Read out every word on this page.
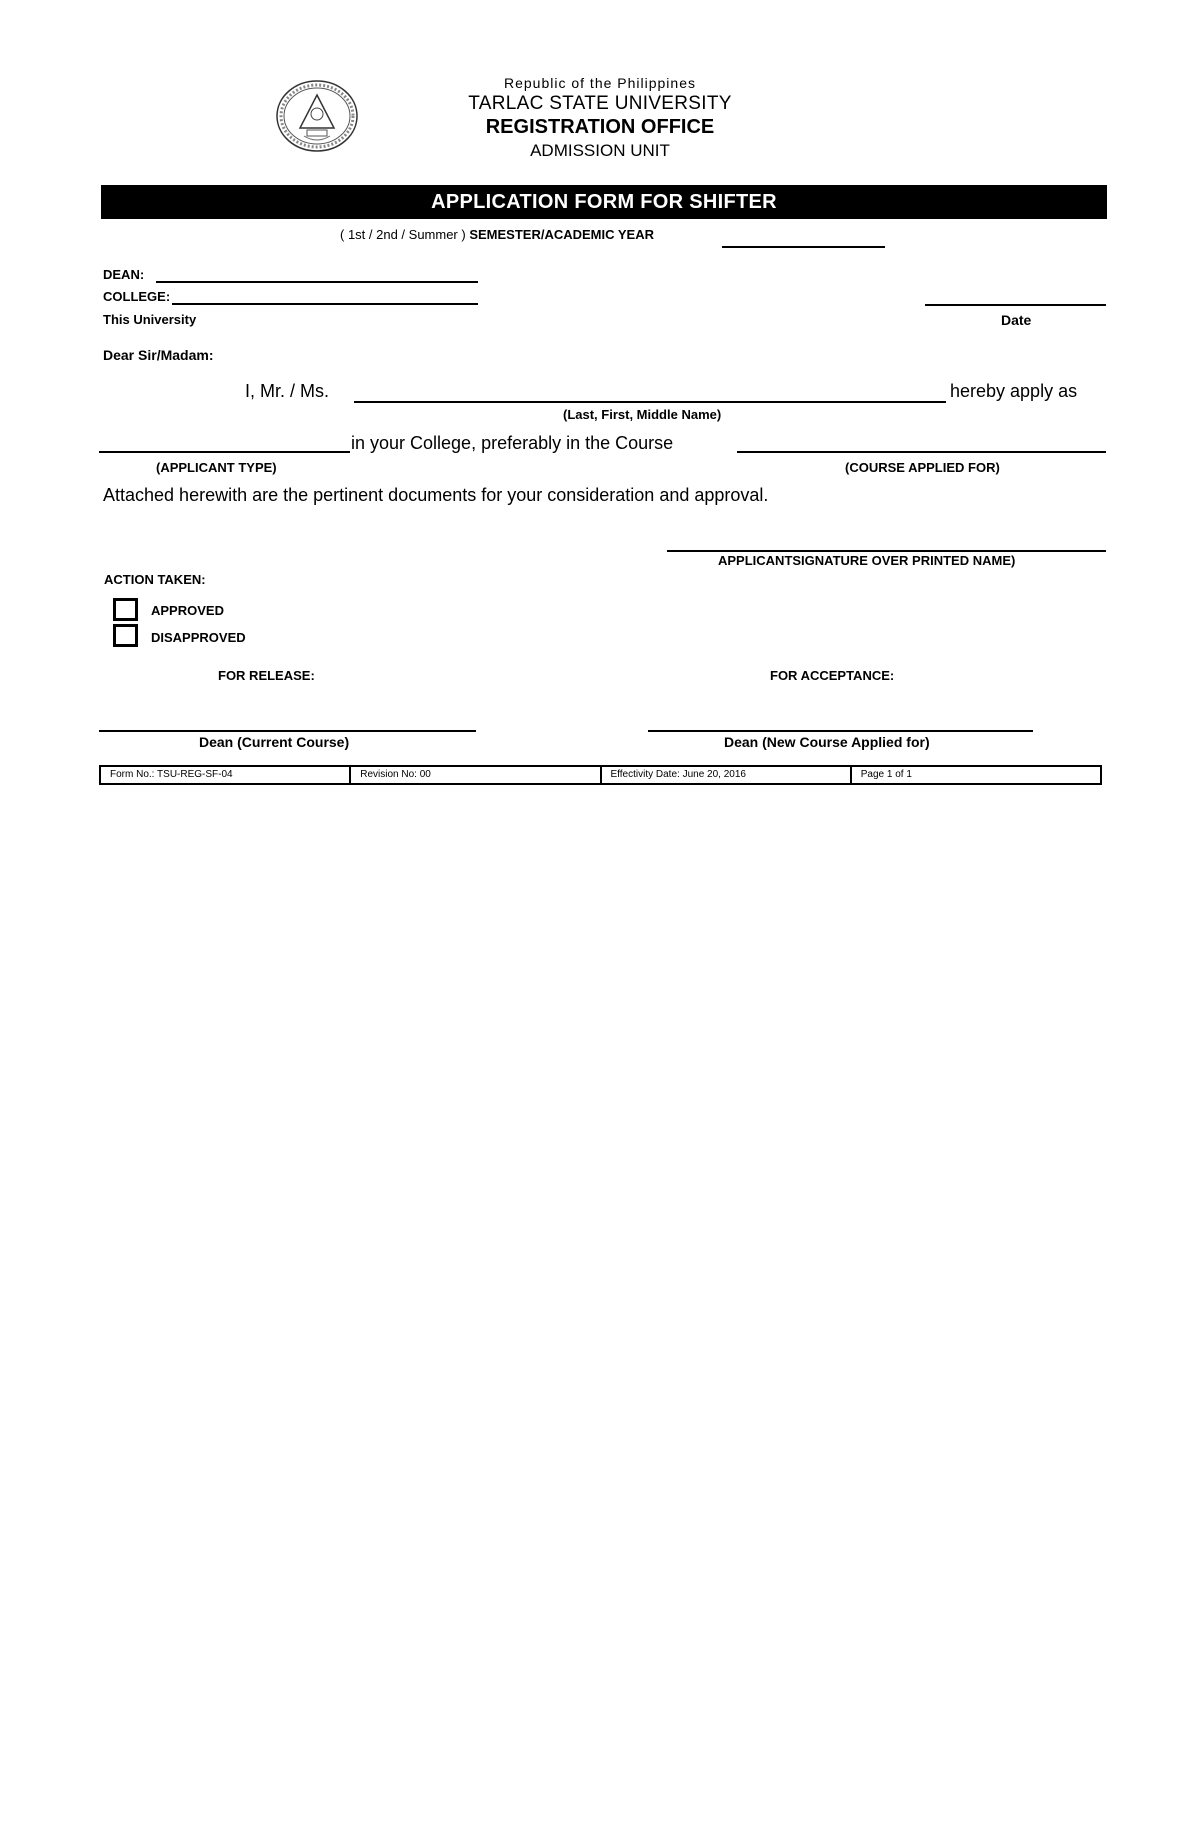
Republic of the Philippines
TARLAC STATE UNIVERSITY
REGISTRATION OFFICE
ADMISSION UNIT
APPLICATION FORM FOR SHIFTER
( 1st / 2nd / Summer ) SEMESTER/ACADEMIC YEAR
DEAN:
COLLEGE:
This University	Date
Dear Sir/Madam:
I, Mr. / Ms.	hereby apply as
(Last, First, Middle Name)
in your College, preferably in the Course
(APPLICANT TYPE)	(COURSE APPLIED FOR)
Attached herewith are the pertinent documents for your consideration and approval.
APPLICANTSIGNATURE OVER PRINTED NAME)
ACTION TAKEN:
APPROVED
DISAPPROVED
FOR RELEASE:	FOR ACCEPTANCE:
Dean (Current Course)	Dean (New Course Applied for)
Form No.: TSU-REG-SF-04	Revision No: 00	Effectivity Date: June 20, 2016	Page 1 of 1
